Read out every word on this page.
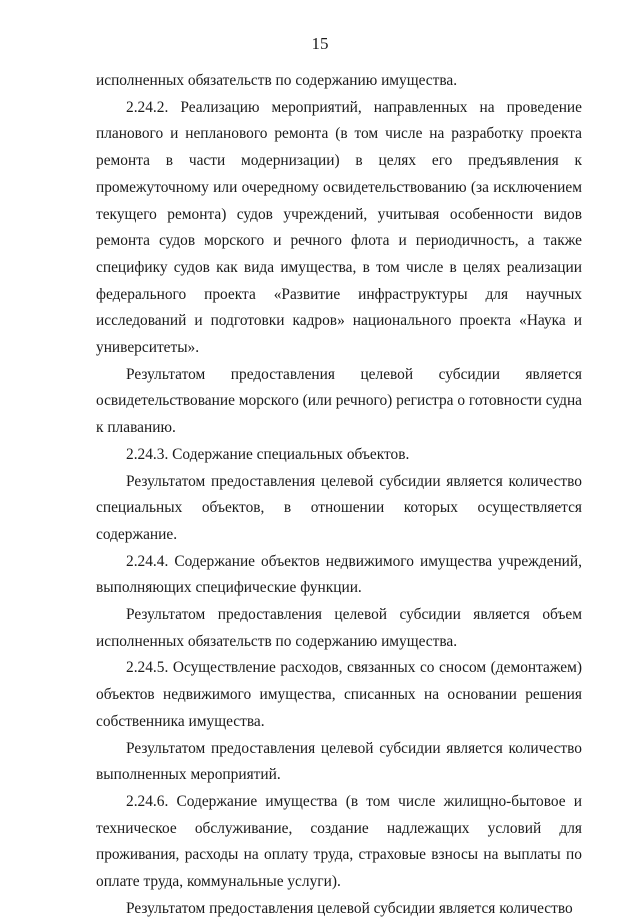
15

исполненных обязательств по содержанию имущества.

2.24.2. Реализацию мероприятий, направленных на проведение планового и непланового ремонта (в том числе на разработку проекта ремонта в части модернизации) в целях его предъявления к промежуточному или очередному освидетельствованию (за исключением текущего ремонта) судов учреждений, учитывая особенности видов ремонта судов морского и речного флота и периодичность, а также специфику судов как вида имущества, в том числе в целях реализации федерального проекта «Развитие инфраструктуры для научных исследований и подготовки кадров» национального проекта «Наука и университеты».

Результатом предоставления целевой субсидии является освидетельствование морского (или речного) регистра о готовности судна к плаванию.

2.24.3. Содержание специальных объектов.

Результатом предоставления целевой субсидии является количество специальных объектов, в отношении которых осуществляется содержание.

2.24.4. Содержание объектов недвижимого имущества учреждений, выполняющих специфические функции.

Результатом предоставления целевой субсидии является объем исполненных обязательств по содержанию имущества.

2.24.5. Осуществление расходов, связанных со сносом (демонтажем) объектов недвижимого имущества, списанных на основании решения собственника имущества.

Результатом предоставления целевой субсидии является количество выполненных мероприятий.

2.24.6. Содержание имущества (в том числе жилищно-бытовое и техническое обслуживание, создание надлежащих условий для проживания, расходы на оплату труда, страховые взносы на выплаты по оплате труда, коммунальные услуги).

Результатом предоставления целевой субсидии является количество
